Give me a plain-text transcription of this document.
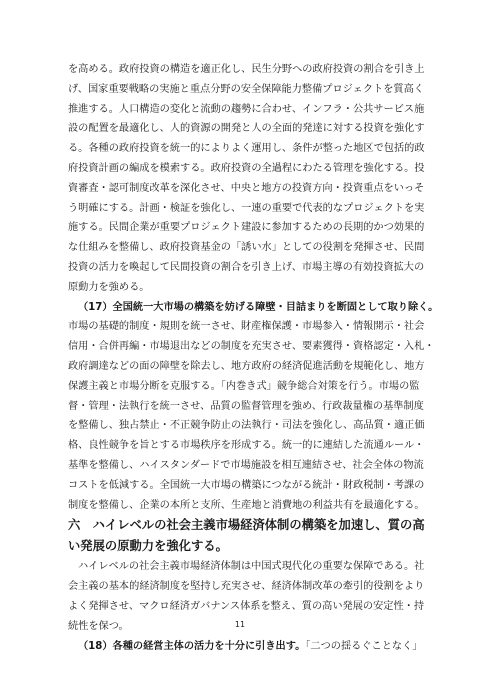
を高める。政府投資の構造を適正化し、民生分野への政府投資の割合を引き上
げ、国家重要戦略の実施と重点分野の安全保障能力整備プロジェクトを質高く
推進する。人口構造の変化と流動の趨勢に合わせ、インフラ・公共サービス施
設の配置を最適化し、人的資源の開発と人の全面的発達に対する投資を強化す
る。各種の政府投資を統一的によりよく運用し、条件が整った地区で包括的政
府投資計画の編成を模索する。政府投資の全過程にわたる管理を強化する。投
資審査・認可制度改革を深化させ、中央と地方の投資方向・投資重点をいっそ
う明確にする。計画・検証を強化し、一連の重要で代表的なプロジェクトを実
施する。民間企業が重要プロジェクト建設に参加するための長期的かつ効果的
な仕組みを整備し、政府投資基金の「誘い水」としての役割を発揮させ、民間
投資の活力を喚起して民間投資の割合を引き上げ、市場主導の有効投資拡大の
原動力を強める。
（17）全国統一大市場の構築を妨げる障壁・目詰まりを断固として取り除く。
市場の基礎的制度・規則を統一させ、財産権保護・市場参入・情報開示・社会
信用・合併再編・市場退出などの制度を充実させ、要素獲得・資格認定・入札・
政府調達などの面の障壁を除去し、地方政府の経済促進活動を規範化し、地方
保護主義と市場分断を克服する。「内巻き式」競争総合対策を行う。市場の監
督・管理・法執行を統一させ、品質の監督管理を強め、行政裁量権の基準制度
を整備し、独占禁止・不正競争防止の法執行・司法を強化し、高品質・適正価
格、良性競争を旨とする市場秩序を形成する。統一的に連結した流通ルール・
基準を整備し、ハイスタンダードで市場施設を相互連結させ、社会全体の物流
コストを低減する。全国統一大市場の構築につながる統計・財政税制・考課の
制度を整備し、企業の本所と支所、生産地と消費地の利益共有を最適化する。
六　ハイレベルの社会主義市場経済体制の構築を加速し、質の高
い発展の原動力を強化する。
ハイレベルの社会主義市場経済体制は中国式現代化の重要な保障である。社
会主義の基本的経済制度を堅持し充実させ、経済体制改革の牽引的役割をより
よく発揮させ、マクロ経済ガバナンス体系を整え、質の高い発展の安定性・持
続性を保つ。
（18）各種の経営主体の活力を十分に引き出す。「二つの揺るぐことなく」
11
